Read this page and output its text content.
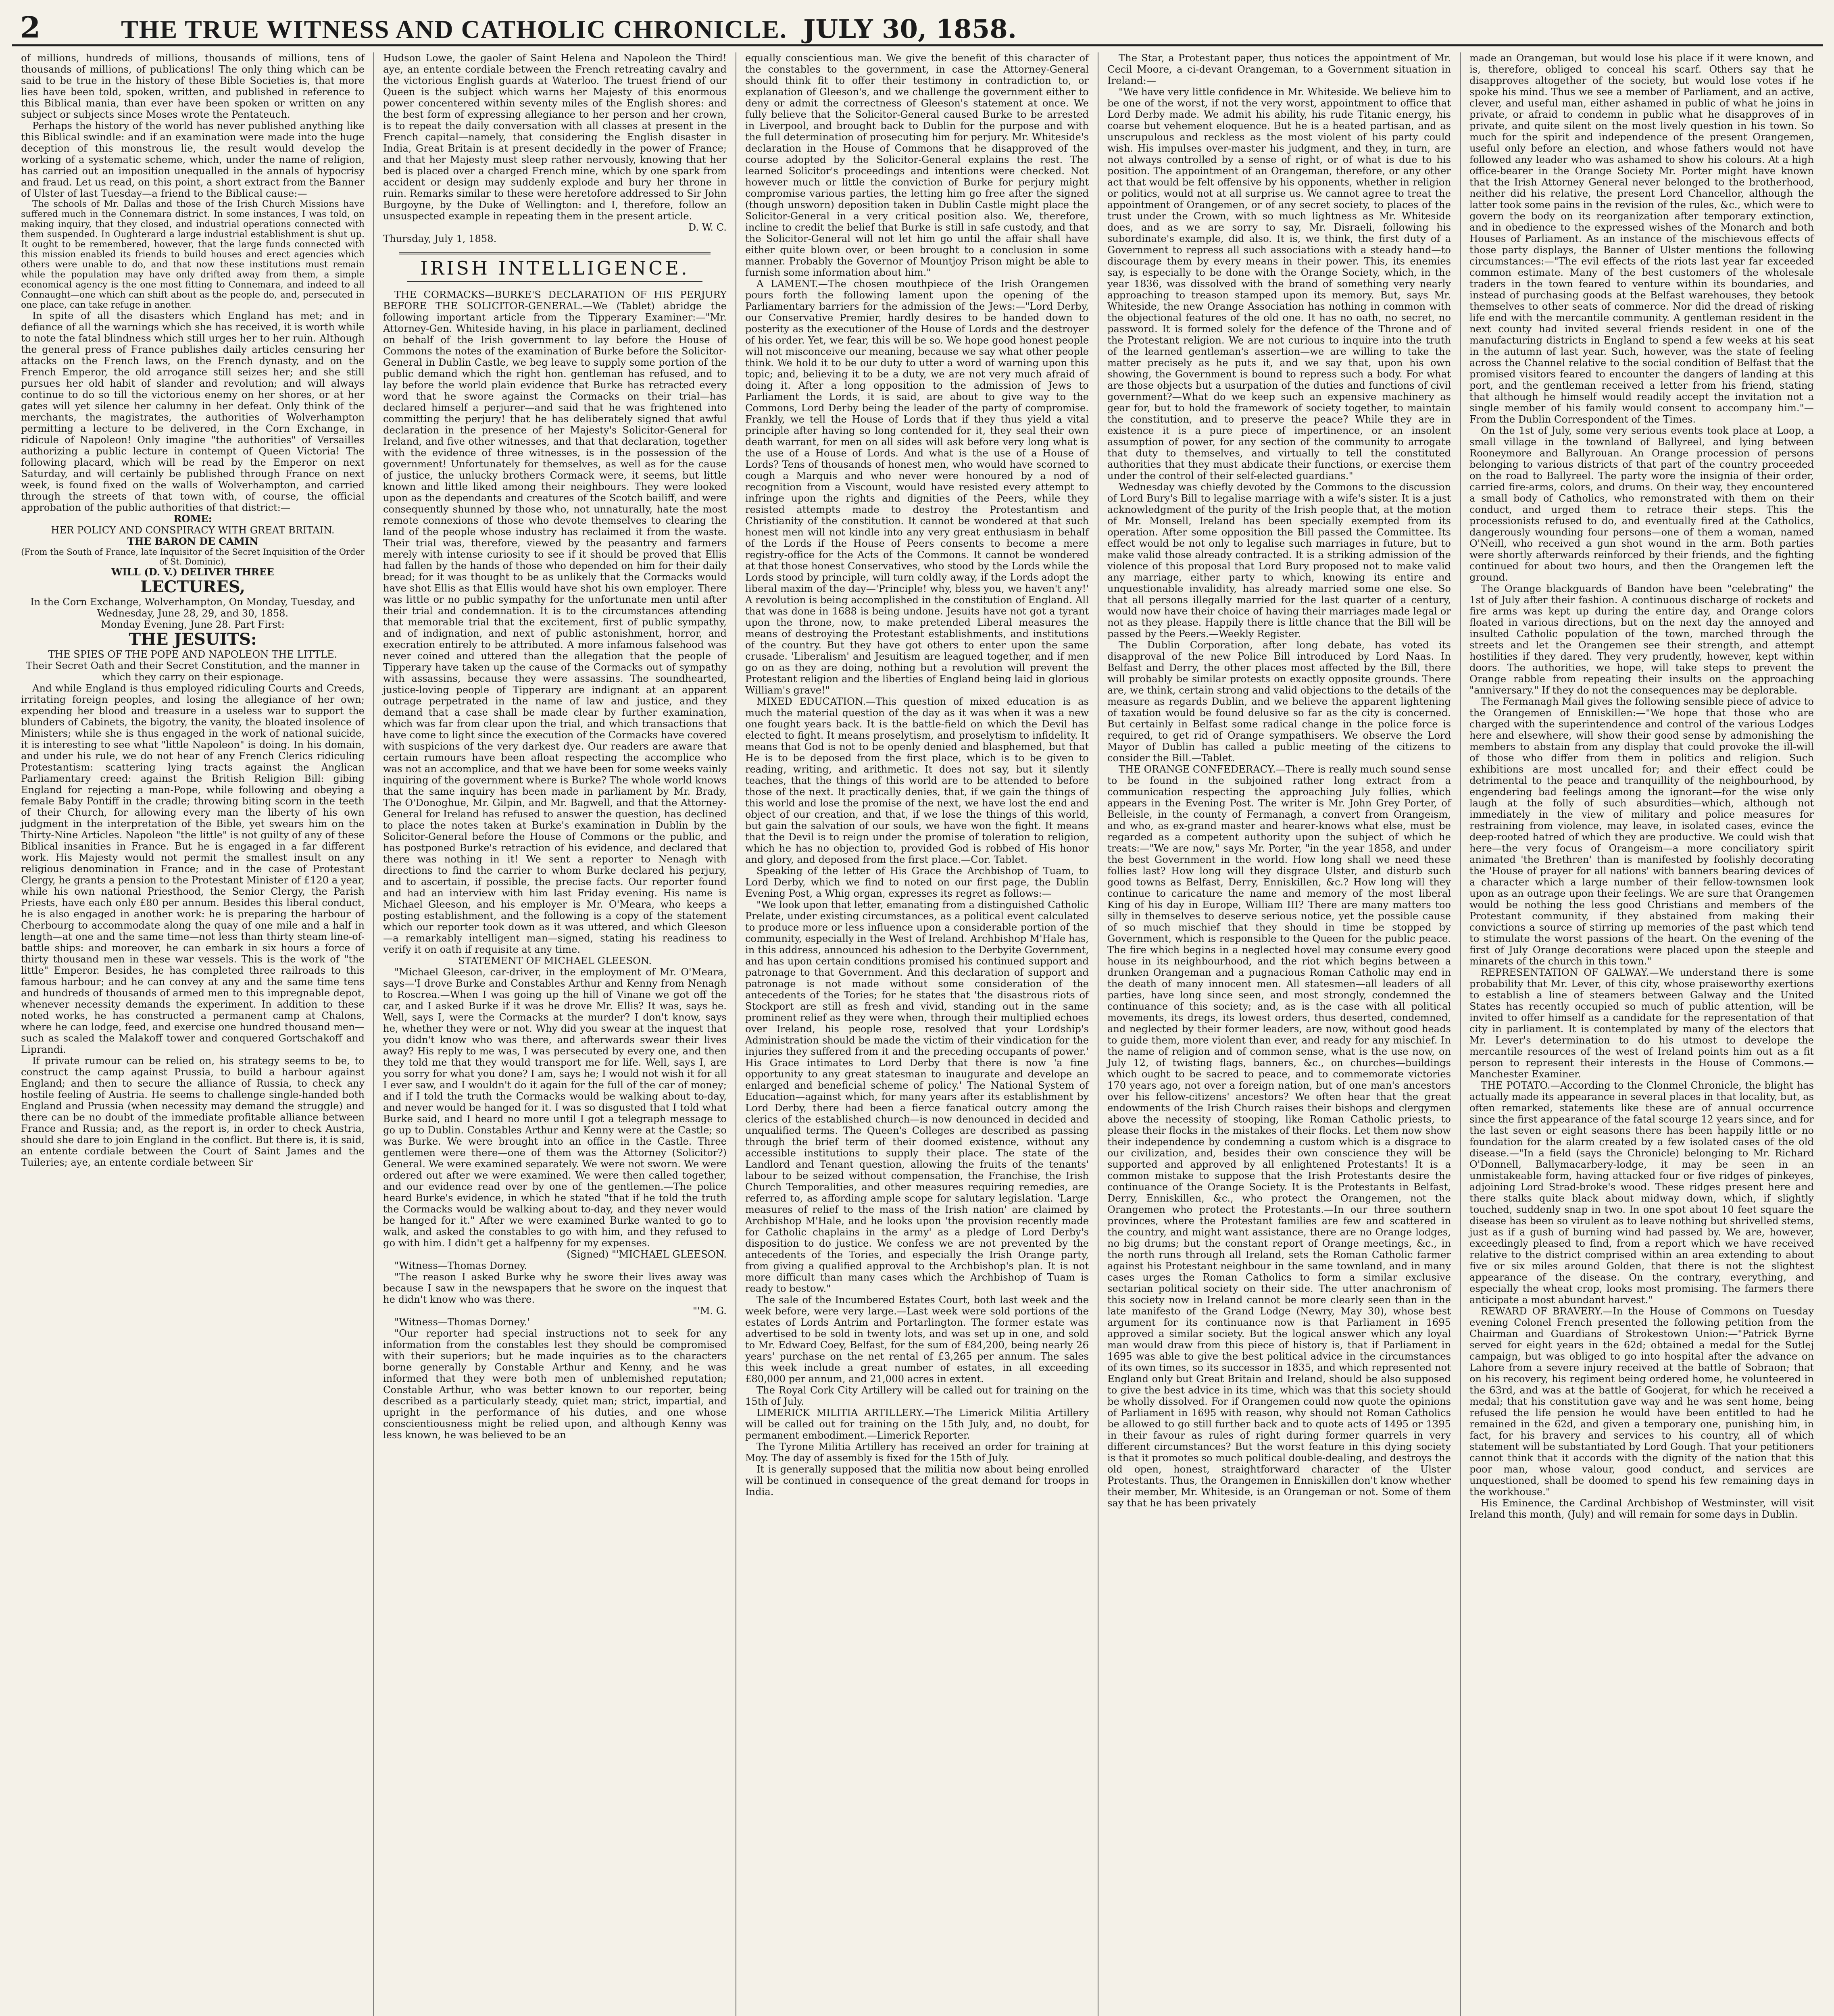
2	THE TRUE WITNESS AND CATHOLIC CHRONICLE. JULY 30, 1858.

of millions, hundreds of millions, thousands of millions, tens of thousands of millions, of publications! The only thing which can be said to be true in the history of these Bible Societies is, that more lies have been told, spoken, written, and published in reference to this Biblical mania, than ever have been spoken or written on any subject or subjects since Moses wrote the Pentateuch.

Perhaps the history of the world has never published anything like this Biblical swindle: and if an examination were made into the huge deception of this monstrous lie, the result would develop the working of a systematic scheme, which, under the name of religion, has carried out an imposition unequalled in the annals of hypocrisy and fraud. Let us read, on this point, a short extract from the Banner of Ulster of last Tuesday—a friend to the Biblical cause:—

The schools of Mr. Dallas and those of the Irish Church Missions have suffered much in the Connemara district. In some instances, I was told, on making inquiry, that they closed, and industrial operations connected with them suspended. In Oughterard a large industrial establishment is shut up. It ought to be remembered, however, that the large funds connected with this mission enabled its friends to build houses and erect agencies which others were unable to do, and that now these institutions must remain while the population may have only drifted away from them, a simple economical agency is the one most fitting to Connemara, and indeed to all Connaught—one which can shift about as the people do, and, persecuted in one place, can take refuge in another.

In spite of all the disasters which England has met; and in defiance of all the warnings which she has received, it is worth while to note the fatal blindness which still urges her to her ruin. Although the general press of France publishes daily articles censuring her attacks on the French laws, on the French dynasty, and on the French Emperor, the old arrogance still seizes her; and she still pursues her old habit of slander and revolution; and will always continue to do so till the victorious enemy on her shores, or at her gates will yet silence her calumny in her defeat. Only think of the merchants, the magistrates, the authorities of Wolverhampton permitting a lecture to be delivered, in the Corn Exchange, in ridicule of Napoleon! Only imagine "the authorities" of Versailles authorizing a public lecture in contempt of Queen Victoria! The following placard, which will be read by the Emperor on next Saturday, and will certainly be published through France on next week, is found fixed on the walls of Wolverhampton, and carried through the streets of that town with, of course, the official approbation of the public authorities of that district:—

ROME:

HER POLICY AND CONSPIRACY WITH GREAT BRITAIN.

THE BARON DE CAMIN

(From the South of France, late Inquisitor of the Secret Inquisition of the Order of St. Dominic),

WILL (D. V.) DELIVER THREE

LECTURES,

In the Corn Exchange, Wolverhampton, On Monday, Tuesday, and Wednesday, June 28, 29, and 30, 1858.

Monday Evening, June 28. Part First:

THE JESUITS:

THE SPIES OF THE POPE AND NAPOLEON THE LITTLE.

Their Secret Oath and their Secret Constitution, and the manner in which they carry on their espionage.

And while England is thus employed ridiculing Courts and Creeds, irritating foreign peoples, and losing the allegiance of her own; expending her blood and treasure in a useless war to support the blunders of Cabinets, the bigotry, the vanity, the bloated insolence of Ministers; while she is thus engaged in the work of national suicide, it is interesting to see what "little Napoleon" is doing. In his domain, and under his rule, we do not hear of any French Clerics ridiculing Protestantism: scattering lying tracts against the Anglican Parliamentary creed: against the British Religion Bill: gibing England for rejecting a man-Pope, while following and obeying a female Baby Pontiff in the cradle; throwing biting scorn in the teeth of their Church, for allowing every man the liberty of his own judgment in the interpretation of the Bible, yet swears him on the Thirty-Nine Articles. Napoleon "the little" is not guilty of any of these Biblical insanities in France. But he is engaged in a far different work. His Majesty would not permit the smallest insult on any religious denomination in France; and in the case of Protestant Clergy, he grants a pension to the Protestant Minister of £120 a year, while his own national Priesthood, the Senior Clergy, the Parish Priests, have each only £80 per annum. Besides this liberal conduct, he is also engaged in another work: he is preparing the harbour of Cherbourg to accommodate along the quay of one mile and a half in length—at one and the same time—not less than thirty steam line-of-battle ships: and moreover, he can embark in six hours a force of thirty thousand men in these war vessels. This is the work of "the little" Emperor. Besides, he has completed three railroads to this famous harbour; and he can convey at any and the same time tens and hundreds of thousands of armed men to this impregnable depot, whenever necessity demands the experiment. In addition to these noted works, he has constructed a permanent camp at Chalons, where he can lodge, feed, and exercise one hundred thousand men—such as scaled the Malakoff tower and conquered Gortschakoff and Liprandi.

If private rumour can be relied on, his strategy seems to be, to construct the camp against Prussia, to build a harbour against England; and then to secure the alliance of Russia, to check any hostile feeling of Austria. He seems to challenge single-handed both England and Prussia (when necessity may demand the struggle) and there can be no doubt of the immediate profitable alliance between France and Russia; and, as the report is, in order to check Austria, should she dare to join England in the conflict. But there is, it is said, an entente cordiale between the Court of Saint James and the Tuileries; aye, an entente cordiale between Sir

Hudson Lowe, the gaoler of Saint Helena and Napoleon the Third! aye, an entente cordiale between the French retreating cavalry and the victorious English guards at Waterloo. The truest friend of our Queen is the subject which warns her Majesty of this enormous power concentered within seventy miles of the English shores: and the best form of expressing allegiance to her person and her crown, is to repeat the daily conversation with all classes at present in the French capital—namely, that considering the English disaster in India, Great Britain is at present decidedly in the power of France; and that her Majesty must sleep rather nervously, knowing that her bed is placed over a charged French mine, which by one spark from accident or design may suddenly explode and bury her throne in ruin. Remarks similar to these were heretofore addressed to Sir John Burgoyne, by the Duke of Wellington: and I, therefore, follow an unsuspected example in repeating them in the present article.

D. W. C.

Thursday, July 1, 1858.

IRISH INTELLIGENCE.

THE CORMACKS—BURKE'S DECLARATION OF HIS PERJURY BEFORE THE SOLICITOR-GENERAL.—We (Tablet) abridge the following important article from the Tipperary Examiner:—"Mr. Attorney-Gen. Whiteside having, in his place in parliament, declined on behalf of the Irish government to lay before the House of Commons the notes of the examination of Burke before the Solicitor-General in Dublin Castle, we beg leave to supply some portion of the public demand which the right hon. gentleman has refused, and to lay before the world plain evidence that Burke has retracted every word that he swore against the Cormacks on their trial—has declared himself a perjurer—and said that he was frightened into committing the perjury! that he has deliberately signed that awful declaration in the presence of her Majesty's Solicitor-General for Ireland, and five other witnesses, and that that declaration, together with the evidence of three witnesses, is in the possession of the government! Unfortunately for themselves, as well as for the cause of justice, the unlucky brothers Cormack were, it seems, but little known and little liked among their neighbours. They were looked upon as the dependants and creatures of the Scotch bailiff, and were consequently shunned by those who, not unnaturally, hate the most remote connexions of those who devote themselves to clearing the land of the people whose industry has reclaimed it from the waste. Their trial was, therefore, viewed by the peasantry and farmers merely with intense curiosity to see if it should be proved that Ellis had fallen by the hands of those who depended on him for their daily bread; for it was thought to be as unlikely that the Cormacks would have shot Ellis as that Ellis would have shot his own employer. There was little or no public sympathy for the unfortunate men until after their trial and condemnation. It is to the circumstances attending that memorable trial that the excitement, first of public sympathy, and of indignation, and next of public astonishment, horror, and execration entirely to be attributed. A more infamous falsehood was never coined and uttered than the allegation that the people of Tipperary have taken up the cause of the Cormacks out of sympathy with assassins, because they were assassins. The soundhearted, justice-loving people of Tipperary are indignant at an apparent outrage perpetrated in the name of law and justice, and they demand that a case shall be made clear by further examination, which was far from clear upon the trial, and which transactions that have come to light since the execution of the Cormacks have covered with suspicions of the very darkest dye. Our readers are aware that certain rumours have been afloat respecting the accomplice who was not an accomplice, and that we have been for some weeks vainly inquiring of the government where is Burke? The whole world knows that the same inquiry has been made in parliament by Mr. Brady, The O'Donoghue, Mr. Gilpin, and Mr. Bagwell, and that the Attorney-General for Ireland has refused to answer the question, has declined to place the notes taken at Burke's examination in Dublin by the Solicitor-General before the House of Commons or the public, and has postponed Burke's retraction of his evidence, and declared that there was nothing in it! We sent a reporter to Nenagh with directions to find the carrier to whom Burke declared his perjury, and to ascertain, if possible, the precise facts. Our reporter found and had an interview with him last Friday evening. His name is Michael Gleeson, and his employer is Mr. O'Meara, who keeps a posting establishment, and the following is a copy of the statement which our reporter took down as it was uttered, and which Gleeson—a remarkably intelligent man—signed, stating his readiness to verify it on oath if requisite at any time.

STATEMENT OF MICHAEL GLEESON.

"Michael Gleeson, car-driver, in the employment of Mr. O'Meara, says—'I drove Burke and Constables Arthur and Kenny from Nenagh to Roscrea.—When I was going up the hill of Vinane we got off the car, and I asked Burke if it was he drove Mr. Ellis? It was, says he. Well, says I, were the Cormacks at the murder? I don't know, says he, whether they were or not. Why did you swear at the inquest that you didn't know who was there, and afterwards swear their lives away? His reply to me was, I was persecuted by every one, and then they told me that they would transport me for life. Well, says I, are you sorry for what you done? I am, says he; I would not wish it for all I ever saw, and I wouldn't do it again for the full of the car of money; and if I told the truth the Cormacks would be walking about to-day, and never would be hanged for it. I was so disgusted that I told what Burke said, and I heard no more until I got a telegraph message to go up to Dublin. Constables Arthur and Kenny were at the Castle; so was Burke. We were brought into an office in the Castle. Three gentlemen were there—one of them was the Attorney (Solicitor?) General. We were examined separately. We were not sworn. We were ordered out after we were examined. We were then called together, and our evidence read over by one of the gentlemen.—The police heard Burke's evidence, in which he stated "that if he told the truth the Cormacks would be walking about to-day, and they never would be hanged for it." After we were examined Burke wanted to go to walk, and asked the constables to go with him, and they refused to go with him. I didn't get a halfpenny for my expenses.

(Signed) "'MICHAEL GLEESON.

"Witness—Thomas Dorney.

"The reason I asked Burke why he swore their lives away was because I saw in the newspapers that he swore on the inquest that he didn't know who was there.

"'M. G.

"Witness—Thomas Dorney.'

"Our reporter had special instructions not to seek for any information from the constables lest they should be compromised with their superiors; but he made inquiries as to the characters borne generally by Constable Arthur and Kenny, and he was informed that they were both men of unblemished reputation; Constable Arthur, who was better known to our reporter, being described as a particularly steady, quiet man; strict, impartial, and upright in the performance of his duties, and one whose conscientiousness might be relied upon, and although Kenny was less known, he was believed to be an

equally conscientious man. We give the benefit of this character of the constables to the government, in case the Attorney-General should think fit to offer their testimony in contradiction to, or explanation of Gleeson's, and we challenge the government either to deny or admit the correctness of Gleeson's statement at once. We fully believe that the Solicitor-General caused Burke to be arrested in Liverpool, and brought back to Dublin for the purpose and with the full determination of prosecuting him for perjury. Mr. Whiteside's declaration in the House of Commons that he disapproved of the course adopted by the Solicitor-General explains the rest. The learned Solicitor's proceedings and intentions were checked. Not however much or little the conviction of Burke for perjury might compromise various parties, the letting him go free after the signed (though unsworn) deposition taken in Dublin Castle might place the Solicitor-General in a very critical position also. We, therefore, incline to credit the belief that Burke is still in safe custody, and that the Solicitor-General will not let him go until the affair shall have either quite blown over, or been brought to a conclusion in some manner. Probably the Governor of Mountjoy Prison might be able to furnish some information about him."

A LAMENT.—The chosen mouthpiece of the Irish Orangemen pours forth the following lament upon the opening of the Parliamentary barriers for the admission of the Jews:—"Lord Derby, our Conservative Premier, hardly desires to be handed down to posterity as the executioner of the House of Lords and the destroyer of his order. Yet, we fear, this will be so. We hope good honest people will not misconceive our meaning, because we say what other people think. We hold it to be our duty to utter a word of warning upon this topic; and, believing it to be a duty, we are not very much afraid of doing it. After a long opposition to the admission of Jews to Parliament the Lords, it is said, are about to give way to the Commons, Lord Derby being the leader of the party of compromise. Frankly, we tell the House of Lords that if they thus yield a vital principle after having so long contended for it, they seal their own death warrant, for men on all sides will ask before very long what is the use of a House of Lords. And what is the use of a House of Lords? Tens of thousands of honest men, who would have scorned to cough a Marquis and who never were honoured by a nod of recognition from a Viscount, would have resisted every attempt to infringe upon the rights and dignities of the Peers, while they resisted attempts made to destroy the Protestantism and Christianity of the constitution. It cannot be wondered at that such honest men will not kindle into any very great enthusiasm in behalf of the Lords if the House of Peers consents to become a mere registry-office for the Acts of the Commons. It cannot be wondered at that those honest Conservatives, who stood by the Lords while the Lords stood by principle, will turn coldly away, if the Lords adopt the liberal maxim of the day—'Principle! why, bless you, we haven't any!' A revolution is being accomplished in the constitution of England. All that was done in 1688 is being undone. Jesuits have not got a tyrant upon the throne, now, to make pretended Liberal measures the means of destroying the Protestant establishments, and institutions of the country. But they have got others to enter upon the same crusade. 'Liberalism' and Jesuitism are leagued together, and if men go on as they are doing, nothing but a revolution will prevent the Protestant religion and the liberties of England being laid in glorious William's grave!"

MIXED EDUCATION.—This question of mixed education is as much the material question of the day as it was when it was a new one fought years back. It is the battle-field on which the Devil has elected to fight. It means proselytism, and proselytism to infidelity. It means that God is not to be openly denied and blasphemed, but that He is to be deposed from the first place, which is to be given to reading, writing, and arithmetic. It does not say, but it silently teaches, that the things of this world are to be attended to before those of the next. It practically denies, that, if we gain the things of this world and lose the promise of the next, we have lost the end and object of our creation, and that, if we lose the things of this world, but gain the salvation of our souls, we have won the fight. It means that the Devil is to reign under the promise of toleration to religion, which he has no objection to, provided God is robbed of His honor and glory, and deposed from the first place.—Cor. Tablet.

Speaking of the letter of His Grace the Archbishop of Tuam, to Lord Derby, which we find to noted on our first page, the Dublin Evening Post, a Whig organ, expresses its regret as follows:—

"We look upon that letter, emanating from a distinguished Catholic Prelate, under existing circumstances, as a political event calculated to produce more or less influence upon a considerable portion of the community, especially in the West of Ireland. Archbishop M'Hale has, in this address, announced his adhesion to the Derbyite Government, and has upon certain conditions promised his continued support and patronage to that Government. And this declaration of support and patronage is not made without some consideration of the antecedents of the Tories; for he states that 'the disastrous riots of Stockport are still as fresh and vivid, standing out in the same prominent relief as they were when, through their multiplied echoes over Ireland, his people rose, resolved that your Lordship's Administration should be made the victim of their vindication for the injuries they suffered from it and the preceding occupants of power.' His Grace intimates to Lord Derby that there is now 'a fine opportunity to any great statesman to inaugurate and develope an enlarged and beneficial scheme of policy.' The National System of Education—against which, for many years after its establishment by Lord Derby, there had been a fierce fanatical outcry among the clerics of the established church—is now denounced in decided and unqualified terms. The Queen's Colleges are described as passing through the brief term of their doomed existence, without any accessible institutions to supply their place. The state of the Landlord and Tenant question, allowing the fruits of the tenants' labour to be seized without compensation, the Franchise, the Irish Church Temporalities, and other measures requiring remedies, are referred to, as affording ample scope for salutary legislation. 'Large measures of relief to the mass of the Irish nation' are claimed by Archbishop M'Hale, and he looks upon 'the provision recently made for Catholic chaplains in the army' as a pledge of Lord Derby's disposition to do justice. We confess we are not prevented by the antecedents of the Tories, and especially the Irish Orange party, from giving a qualified approval to the Archbishop's plan. It is not more difficult than many cases which the Archbishop of Tuam is ready to bestow."

The sale of the Incumbered Estates Court, both last week and the week before, were very large.—Last week were sold portions of the estates of Lords Antrim and Portarlington. The former estate was advertised to be sold in twenty lots, and was set up in one, and sold to Mr. Edward Coey, Belfast, for the sum of £84,200, being nearly 26 years' purchase on the net rental of £3,265 per annum. The sales this week include a great number of estates, in all exceeding £80,000 per annum, and 21,000 acres in extent.

The Royal Cork City Artillery will be called out for training on the 15th of July.

LIMERICK MILITIA ARTILLERY.—The Limerick Militia Artillery will be called out for training on the 15th July, and, no doubt, for permanent embodiment.—Limerick Reporter.

The Tyrone Militia Artillery has received an order for training at Moy. The day of assembly is fixed for the 15th of July.

It is generally supposed that the militia now about being enrolled will be continued in consequence of the great demand for troops in India.

The Star, a Protestant paper, thus notices the appointment of Mr. Cecil Moore, a ci-devant Orangeman, to a Government situation in Ireland:—

"We have very little confidence in Mr. Whiteside. We believe him to be one of the worst, if not the very worst, appointment to office that Lord Derby made. We admit his ability, his rude Titanic energy, his coarse but vehement eloquence. But he is a heated partisan, and as unscrupulous and reckless as the most violent of his party could wish. His impulses over-master his judgment, and they, in turn, are not always controlled by a sense of right, or of what is due to his position. The appointment of an Orangeman, therefore, or any other act that would be felt offensive by his opponents, whether in religion or politics, would not at all surprise us. We cannot agree to treat the appointment of Orangemen, or of any secret society, to places of the trust under the Crown, with so much lightness as Mr. Whiteside does, and as we are sorry to say, Mr. Disraeli, following his subordinate's example, did also. It is, we think, the first duty of a Government to repress all such associations with a steady hand—to discourage them by every means in their power. This, its enemies say, is especially to be done with the Orange Society, which, in the year 1836, was dissolved with the brand of something very nearly approaching to treason stamped upon its memory. But, says Mr. Whiteside, the new Orange Association has nothing in common with the objectional features of the old one. It has no oath, no secret, no password. It is formed solely for the defence of the Throne and of the Protestant religion. We are not curious to inquire into the truth of the learned gentleman's assertion—we are willing to take the matter precisely as he puts it, and we say that, upon his own showing, the Government is bound to repress such a body. For what are those objects but a usurpation of the duties and functions of civil government?—What do we keep such an expensive machinery as gear for, but to hold the framework of society together, to maintain the constitution, and to preserve the peace? While they are in existence it is a pure piece of impertinence, or an insolent assumption of power, for any section of the community to arrogate that duty to themselves, and virtually to tell the constituted authorities that they must abdicate their functions, or exercise them under the control of their self-elected guardians."

Wednesday was chiefly devoted by the Commons to the discussion of Lord Bury's Bill to legalise marriage with a wife's sister. It is a just acknowledgment of the purity of the Irish people that, at the motion of Mr. Monsell, Ireland has been specially exempted from its operation. After some opposition the Bill passed the Committee. Its effect would be not only to legalise such marriages in future, but to make valid those already contracted. It is a striking admission of the violence of this proposal that Lord Bury proposed not to make valid any marriage, either party to which, knowing its entire and unquestionable invalidity, has already married some one else. So that all persons illegally married for the last quarter of a century, would now have their choice of having their marriages made legal or not as they please. Happily there is little chance that the Bill will be passed by the Peers.—Weekly Register.

The Dublin Corporation, after long debate, has voted its disapproval of the new Police Bill introduced by Lord Naas. In Belfast and Derry, the other places most affected by the Bill, there will probably be similar protests on exactly opposite grounds. There are, we think, certain strong and valid objections to the details of the measure as regards Dublin, and we believe the apparent lightening of taxation would be found delusive so far as the city is concerned. But certainly in Belfast some radical change in the police force is required, to get rid of Orange sympathisers. We observe the Lord Mayor of Dublin has called a public meeting of the citizens to consider the Bill.—Tablet.

THE ORANGE CONFEDERACY.—There is really much sound sense to be found in the subjoined rather long extract from a communication respecting the approaching July follies, which appears in the Evening Post. The writer is Mr. John Grey Porter, of Belleisle, in the county of Fermanagh, a convert from Orangeism, and who, as ex-grand master and hearer-knows what else, must be regarded as a competent authority upon the subject of which he treats:—"We are now," says Mr. Porter, "in the year 1858, and under the best Government in the world. How long shall we need these follies last? How long will they disgrace Ulster, and disturb such good towns as Belfast, Derry, Enniskillen, &c.? How long will they continue to caricature the name and memory of the most liberal King of his day in Europe, William III? There are many matters too silly in themselves to deserve serious notice, yet the possible cause of so much mischief that they should in time be stopped by Government, which is responsible to the Queen for the public peace. The fire which begins in a neglected hovel may consume every good house in its neighbourhood, and the riot which begins between a drunken Orangeman and a pugnacious Roman Catholic may end in the death of many innocent men. All statesmen—all leaders of all parties, have long since seen, and most strongly, condemned the continuance of this society; and, as is the case with all political movements, its dregs, its lowest orders, thus deserted, condemned, and neglected by their former leaders, are now, without good heads to guide them, more violent than ever, and ready for any mischief. In the name of religion and of common sense, what is the use now, on July 12, of twisting flags, banners, &c., on churches—buildings which ought to be sacred to peace, and to commemorate victories 170 years ago, not over a foreign nation, but of one man's ancestors over his fellow-citizens' ancestors? We often hear that the great endowments of the Irish Church raises their bishops and clergymen above the necessity of stooping, like Roman Catholic priests, to please their flocks in the mistakes of their flocks. Let them now show their independence by condemning a custom which is a disgrace to our civilization, and, besides their own conscience they will be supported and approved by all enlightened Protestants! It is a common mistake to suppose that the Irish Protestants desire the continuance of the Orange Society. It is the Protestants in Belfast, Derry, Enniskillen, &c., who protect the Orangemen, not the Orangemen who protect the Protestants.—In our three southern provinces, where the Protestant families are few and scattered in the country, and might want assistance, there are no Orange lodges, no big drums; but the constant report of Orange meetings, &c., in the north runs through all Ireland, sets the Roman Catholic farmer against his Protestant neighbour in the same townland, and in many cases urges the Roman Catholics to form a similar exclusive sectarian political society on their side. The utter anachronism of this society now in Ireland cannot be more clearly seen than in the late manifesto of the Grand Lodge (Newry, May 30), whose best argument for its continuance now is that Parliament in 1695 approved a similar society. But the logical answer which any loyal man would draw from this piece of history is, that if Parliament in 1695 was able to give the best political advice in the circumstances of its own times, so its successor in 1835, and which represented not England only but Great Britain and Ireland, should be also supposed to give the best advice in its time, which was that this society should be wholly dissolved. For if Orangemen could now quote the opinions of Parliament in 1695 with reason, why should not Roman Catholics be allowed to go still further back and to quote acts of 1495 or 1395 in their favour as rules of right during former quarrels in very different circumstances? But the worst feature in this dying society is that it promotes so much political double-dealing, and destroys the old open, honest, straightforward character of the Ulster Protestants. Thus, the Orangemen in Enniskillen don't know whether their member, Mr. Whiteside, is an Orangeman or not. Some of them say that he has been privately

made an Orangeman, but would lose his place if it were known, and is, therefore, obliged to conceal his scarf. Others say that he disapproves altogether of the society, but would lose votes if he spoke his mind. Thus we see a member of Parliament, and an active, clever, and useful man, either ashamed in public of what he joins in private, or afraid to condemn in public what he disapproves of in private, and quite silent on the most lively question in his town. So much for the spirit and independence of the present Orangemen, useful only before an election, and whose fathers would not have followed any leader who was ashamed to show his colours. At a high office-bearer in the Orange Society Mr. Porter might have known that the Irish Attorney General never belonged to the brotherhood, neither did his relative, the present Lord Chancellor, although the latter took some pains in the revision of the rules, &c., which were to govern the body on its reorganization after temporary extinction, and in obedience to the expressed wishes of the Monarch and both Houses of Parliament. As an instance of the mischievous effects of those party displays, the Banner of Ulster mentions the following circumstances:—"The evil effects of the riots last year far exceeded common estimate. Many of the best customers of the wholesale traders in the town feared to venture within its boundaries, and instead of purchasing goods at the Belfast warehouses, they betook themselves to other seats of commerce. Nor did the dread of risking life end with the mercantile community. A gentleman resident in the next county had invited several friends resident in one of the manufacturing districts in England to spend a few weeks at his seat in the autumn of last year. Such, however, was the state of feeling across the Channel relative to the social condition of Belfast that the promised visitors feared to encounter the dangers of landing at this port, and the gentleman received a letter from his friend, stating that although he himself would readily accept the invitation not a single member of his family would consent to accompany him."—From the Dublin Correspondent of the Times.

On the 1st of July, some very serious events took place at Loop, a small village in the townland of Ballyreel, and lying between Rooneymore and Ballyrouan. An Orange procession of persons belonging to various districts of that part of the country proceeded on the road to Ballyreel. The party wore the insignia of their order, carried fire-arms, colors, and drums. On their way, they encountered a small body of Catholics, who remonstrated with them on their conduct, and urged them to retrace their steps. This the processionists refused to do, and eventually fired at the Catholics, dangerously wounding four persons—one of them a woman, named O'Neill, who received a gun shot wound in the arm. Both parties were shortly afterwards reinforced by their friends, and the fighting continued for about two hours, and then the Orangemen left the ground.

The Orange blackguards of Bandon have been "celebrating" the 1st of July after their fashion. A continuous discharge of rockets and fire arms was kept up during the entire day, and Orange colors floated in various directions, but on the next day the annoyed and insulted Catholic population of the town, marched through the streets and let the Orangemen see their strength, and attempt hostilities if they dared. They very prudently, however, kept within doors. The authorities, we hope, will take steps to prevent the Orange rabble from repeating their insults on the approaching "anniversary." If they do not the consequences may be deplorable.

The Fermanagh Mail gives the following sensible piece of advice to the Orangemen of Enniskillen:—"We hope that those who are charged with the superintendence and control of the various Lodges here and elsewhere, will show their good sense by admonishing the members to abstain from any display that could provoke the ill-will of those who differ from them in politics and religion. Such exhibitions are most uncalled for; and their effect could be detrimental to the peace and tranquillity of the neighbourhood, by engendering bad feelings among the ignorant—for the wise only laugh at the folly of such absurdities—which, although not immediately in the view of military and police measures for restraining from violence, may leave, in isolated cases, evince the deep-rooted hatred of which they are productive. We could wish that here—the very focus of Orangeism—a more conciliatory spirit animated 'the Brethren' than is manifested by foolishly decorating the 'House of prayer for all nations' with banners bearing devices of a character which a large number of their fellow-townsmen look upon as an outrage upon their feelings. We are sure that Orangemen would be nothing the less good Christians and members of the Protestant community, if they abstained from making their convictions a source of stirring up memories of the past which tend to stimulate the worst passions of the heart. On the evening of the first of July Orange decorations were placed upon the steeple and minarets of the church in this town."

REPRESENTATION OF GALWAY.—We understand there is some probability that Mr. Lever, of this city, whose praiseworthy exertions to establish a line of steamers between Galway and the United States has recently occupied so much of public attention, will be invited to offer himself as a candidate for the representation of that city in parliament. It is contemplated by many of the electors that Mr. Lever's determination to do his utmost to develope the mercantile resources of the west of Ireland points him out as a fit person to represent their interests in the House of Commons.—Manchester Examiner.

THE POTATO.—According to the Clonmel Chronicle, the blight has actually made its appearance in several places in that locality, but, as often remarked, statements like these are of annual occurrence since the first appearance of the fatal scourge 12 years since, and for the last seven or eight seasons there has been happily little or no foundation for the alarm created by a few isolated cases of the old disease.—"In a field (says the Chronicle) belonging to Mr. Richard O'Donnell, Ballymacarbery-lodge, it may be seen in an unmistakeable form, having attacked four or five ridges of pinkeyes, adjoining Lord Strad-broke's wood. These ridges present here and there stalks quite black about midway down, which, if slightly touched, suddenly snap in two. In one spot about 10 feet square the disease has been so virulent as to leave nothing but shrivelled stems, just as if a gush of burning wind had passed by. We are, however, exceedingly pleased to find, from a report which we have received relative to the district comprised within an area extending to about five or six miles around Golden, that there is not the slightest appearance of the disease. On the contrary, everything, and especially the wheat crop, looks most promising. The farmers there anticipate a most abundant harvest."

REWARD OF BRAVERY.—In the House of Commons on Tuesday evening Colonel French presented the following petition from the Chairman and Guardians of Strokestown Union:—"Patrick Byrne served for eight years in the 62d; obtained a medal for the Sutlej campaign, but was obliged to go into hospital after the advance on Lahore from a severe injury received at the battle of Sobraon; that on his recovery, his regiment being ordered home, he volunteered in the 63rd, and was at the battle of Goojerat, for which he received a medal; that his constitution gave way and he was sent home, being refused the life pension he would have been entitled to had he remained in the 62d, and given a temporary one, punishing him, in fact, for his bravery and services to his country, all of which statement will be substantiated by Lord Gough. That your petitioners cannot think that it accords with the dignity of the nation that this poor man, whose valour, good conduct, and services are unquestioned, shall be doomed to spend his few remaining days in the workhouse."

His Eminence, the Cardinal Archbishop of Westminster, will visit Ireland this month, (July) and will remain for some days in Dublin.
